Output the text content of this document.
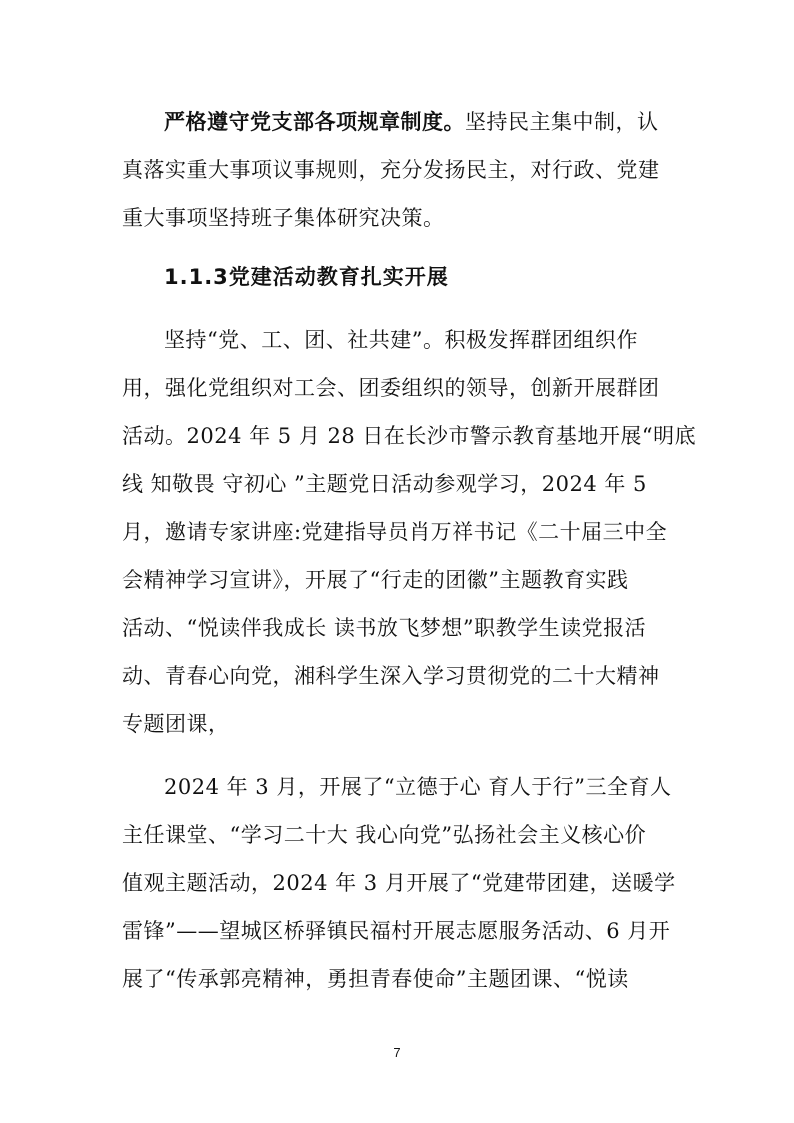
严格遵守党支部各项规章制度。坚持民主集中制，认
真落实重大事项议事规则，充分发扬民主，对行政、党建
重大事项坚持班子集体研究决策。
1.1.3党建活动教育扎实开展
坚持“党、工、团、社共建”。积极发挥群团组织作
用，强化党组织对工会、团委组织的领导，创新开展群团
活动。2024 年 5 月 28 日在长沙市警示教育基地开展“明底
线 知敬畏 守初心 ”主题党日活动参观学习，2024 年 5
月，邀请专家讲座:党建指导员肖万祥书记《二十届三中全
会精神学习宣讲》，开展了“行走的团徽”主题教育实践
活动、“悦读伴我成长 读书放飞梦想”职教学生读党报活
动、青春心向党，湘科学生深入学习贯彻党的二十大精神
专题团课，
2024 年 3 月，开展了“立德于心 育人于行”三全育人
主任课堂、“学习二十大 我心向党”弘扬社会主义核心价
值观主题活动，2024 年 3 月开展了“党建带团建，送暖学
雷锋”——望城区桥驿镇民福村开展志愿服务活动、6 月开
展了“传承郭亮精神，勇担青春使命”主题团课、“悦读
7
